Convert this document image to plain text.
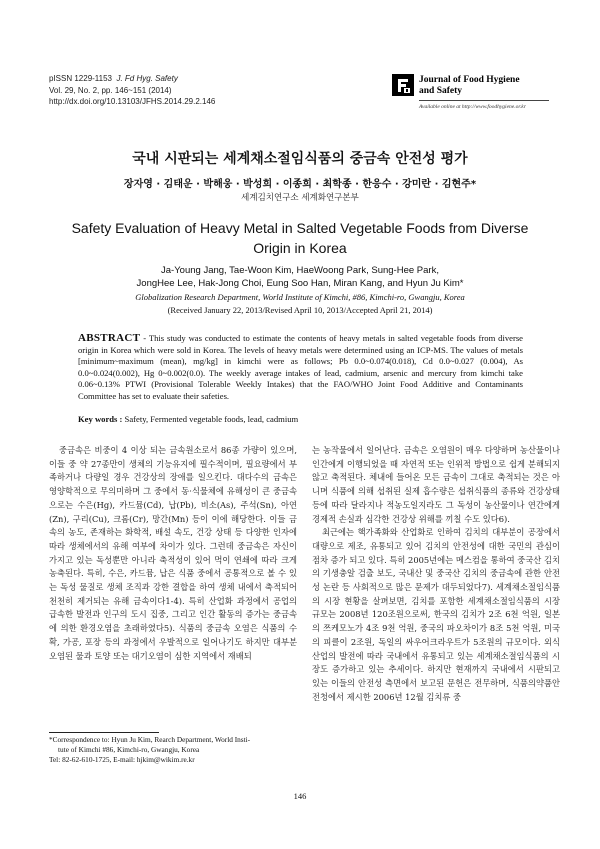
pISSN 1229-1153 J. Fd Hyg. Safety
Vol. 29, No. 2, pp. 146~151 (2014)
http://dx.doi.org/10.13103/JFHS.2014.29.2.146
Journal of Food Hygiene
and Safety
Available online at http://www.foodhygiene.or.kr
국내 시판되는 세계채소절임식품의 중금속 안전성 평가
장자영 · 김태운 · 박해웅 · 박성희 · 이종희 · 최학종 · 한응수 · 강미란 · 김현주*
세계김치연구소 세계화연구본부
Safety Evaluation of Heavy Metal in Salted Vegetable Foods from Diverse
Origin in Korea
Ja-Young Jang, Tae-Woon Kim, HaeWoong Park, Sung-Hee Park,
JongHee Lee, Hak-Jong Choi, Eung Soo Han, Miran Kang, and Hyun Ju Kim*
Globalization Research Department, World Institute of Kimchi, #86, Kimchi-ro, Gwangju, Korea
(Received January 22, 2013/Revised April 10, 2013/Accepted April 21, 2014)
ABSTRACT - This study was conducted to estimate the contents of heavy metals in salted vegetable foods from diverse origin in Korea which were sold in Korea. The levels of heavy metals were determined using an ICP-MS. The values of metals [minimum~maximum (mean), mg/kg] in kimchi were as follows; Pb 0.0~0.074(0.018), Cd 0.0~0.027 (0.004), As 0.0~0.024(0.002), Hg 0~0.002(0.0). The weekly average intakes of lead, cadmium, arsenic and mercury from kimchi take 0.06~0.13% PTWI (Provisional Tolerable Weekly Intakes) that the FAO/WHO Joint Food Additive and Contaminants Committee has set to evaluate their safeties.
Key words : Safety, Fermented vegetable foods, lead, cadmium

중금속은 비중이 4 이상 되는 금속원소로서 86종 가량이 있으며, 이들 중 약 27종만이 생체의 기능유지에 필수적이며, 필요량에서 부족하거나 다량일 경우 건강상의 장애를 일으킨다. 대다수의 금속은 영양학적으로 무의미하며 그 중에서 동·식물체에 유해성이 큰 중금속으로는 수은(Hg), 카드뮴(Cd), 납(Pb), 비소(As), 주석(Sn), 아연(Zn), 구리(Cu), 크롬(Cr), 망간(Mn) 등이 이에 해당한다. 이들 금속의 농도, 존재하는 화학적, 배설 속도, 건강 상태 등 다양한 인자에 따라 생체에서의 유해 여부에 차이가 있다. 그런데 중금속은 자신이 가지고 있는 독성뿐만 아니라 축적성이 있어 먹이 연쇄에 따라 크게 농축된다. 특히, 수은, 카드뮴, 납은 식품 중에서 공통적으로 볼 수 있는 독성 물질로 생체 조직과 강한 결합을 하여 생체 내에서 축적되어 천천히 제거되는 유해 금속이다1-4). 특히 산업화 과정에서 공업의 급속한 발전과 인구의 도시 집중, 그리고 인간 활동의 증가는 중금속에 의한 환경오염을 초래하였다5). 식품의 중금속 오염은 식품의 수확, 가공, 포장 등의 과정에서 우발적으로 일어나기도 하지만 대부분 오염된 물과 토양 또는 대기오염이 심한 지역에서 재배되

는 농작물에서 일어난다. 금속은 오염원이 매우 다양하며 농산물이나 인간에게 이행되었을 때 자연적 또는 인위적 방법으로 쉽게 분해되지 않고 축적된다. 체내에 들어온 모든 금속이 그대로 축적되는 것은 아니며 식품에 의해 섭취된 실제 흡수량은 섭취식품의 종류와 건강상태 등에 따라 달라지나 적농도일지라도 그 독성이 농산물이나 연간에게 경제적 손실과 심각한 건강상 위해를 끼칠 수도 있다6).

최근에는 핵가족화와 산업화로 인하여 김치의 대부분이 공장에서 대량으로 제조, 유통되고 있어 김치의 안전성에 대한 국민의 관심이 점차 증가 되고 있다. 특히 2005년에는 메스컴을 통하여 중국산 김치의 기생충알 검출 보도, 국내산 및 중국산 김치의 중금속에 관한 안전성 논란 등 사회적으로 많은 문제가 대두되었다7). 세계채소절임식품의 시장 현황을 살펴보면, 김치를 포함한 세계채소절임식품의 시장 규모는 2008년 120조원으로써, 한국의 김치가 2조 6천 억원, 일본의 쯔케모노가 4조 9천 억원, 중국의 파오차이가 8조 5천 억원, 미국의 피클이 2조원, 독일의 싸우어크라우트가 5조원의 규모이다. 외식산업의 발전에 따라 국내에서 유통되고 있는 세계채소절임식품의 시장도 증가하고 있는 추세이다. 하지만 현재까지 국내에서 시판되고 있는 이들의 안전성 측면에서 보고된 문헌은 전무하며, 식품의약품안전청에서 제시한 2006년 12월 김치류 중

*Correspondence to: Hyun Ju Kim, Rearch Department, World Insti-
tute of Kimchi #86, Kimchi-ro, Gwangju, Korea
Tel: 82-62-610-1725, E-mail: hjkim@wikim.re.kr
146
